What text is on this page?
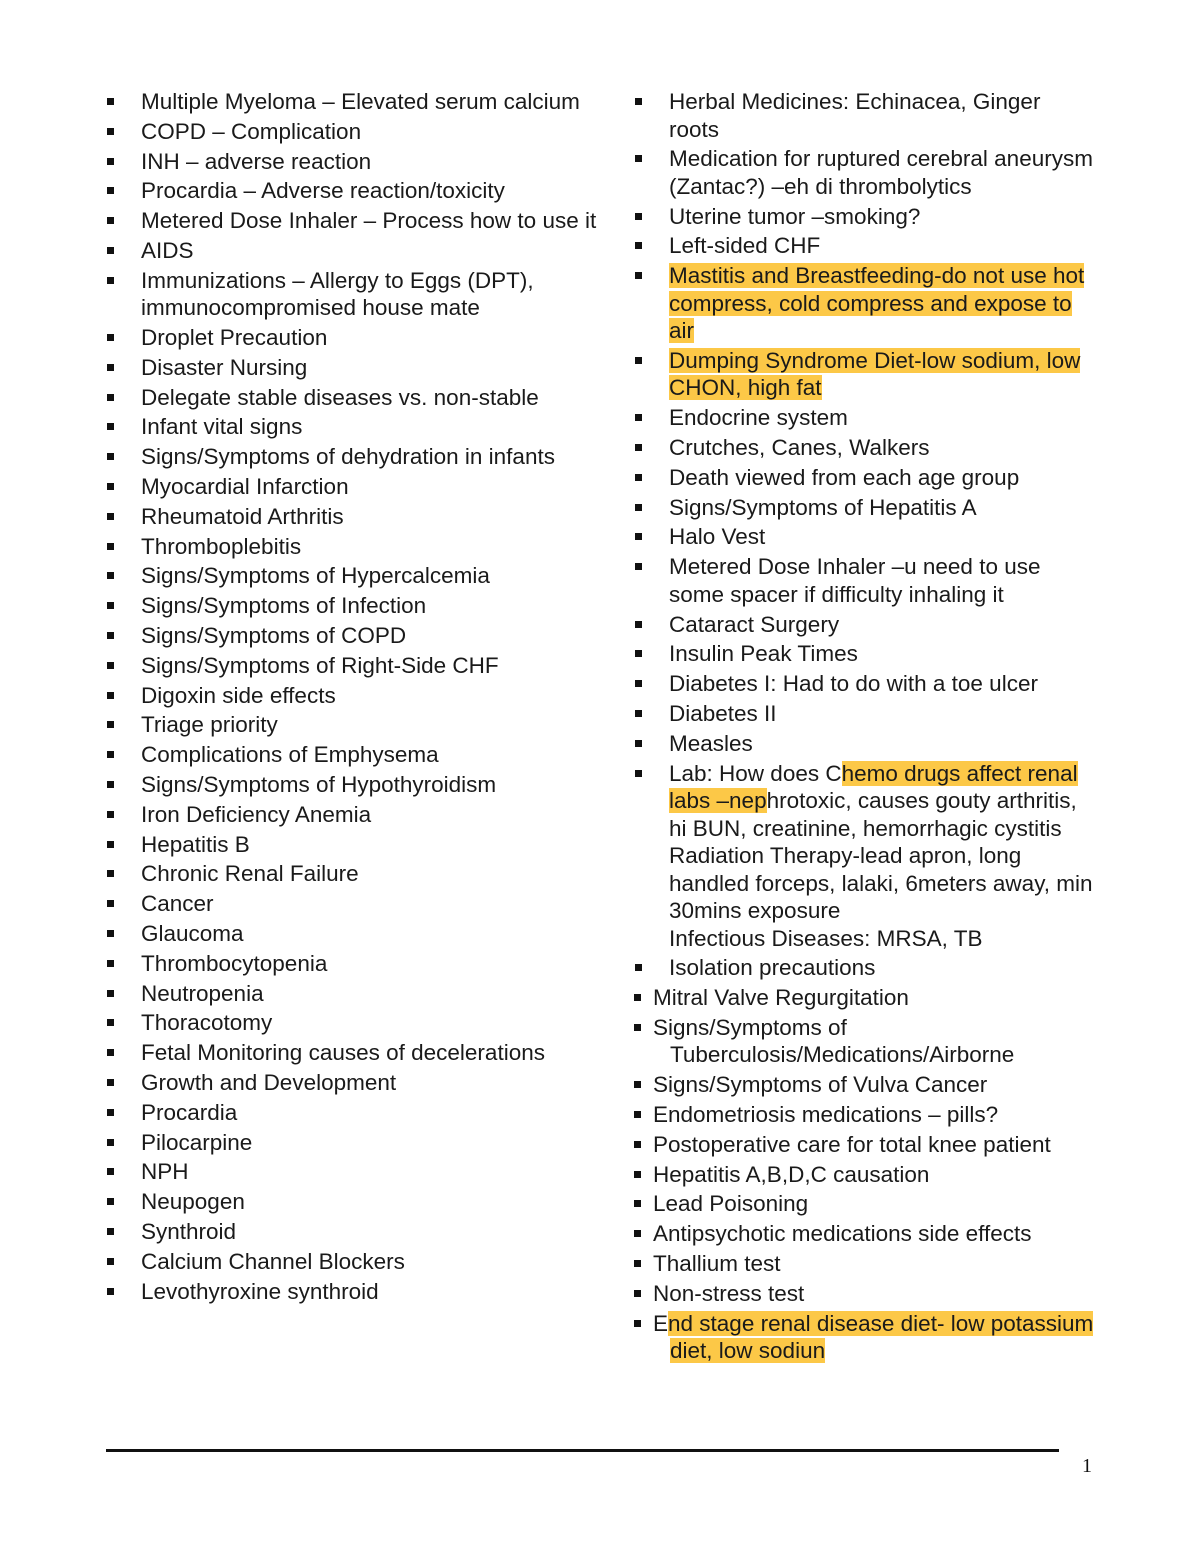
Multiple Myeloma – Elevated serum calcium
COPD – Complication
INH – adverse reaction
Procardia – Adverse reaction/toxicity
Metered Dose Inhaler – Process how to use it
AIDS
Immunizations – Allergy to Eggs (DPT), immunocompromised house mate
Droplet Precaution
Disaster Nursing
Delegate stable diseases vs. non-stable
Infant vital signs
Signs/Symptoms of dehydration in infants
Myocardial Infarction
Rheumatoid Arthritis
Thromboplebitis
Signs/Symptoms of Hypercalcemia
Signs/Symptoms of Infection
Signs/Symptoms of COPD
Signs/Symptoms of Right-Side CHF
Digoxin side effects
Triage priority
Complications of Emphysema
Signs/Symptoms of Hypothyroidism
Iron Deficiency Anemia
Hepatitis B
Chronic Renal Failure
Cancer
Glaucoma
Thrombocytopenia
Neutropenia
Thoracotomy
Fetal Monitoring causes of decelerations
Growth and Development
Procardia
Pilocarpine
NPH
Neupogen
Synthroid
Calcium Channel Blockers
Levothyroxine synthroid
Herbal Medicines: Echinacea, Ginger roots
Medication for ruptured cerebral aneurysm (Zantac?) –eh di thrombolytics
Uterine tumor –smoking?
Left-sided CHF
Mastitis and Breastfeeding-do not use hot compress, cold compress and expose to air
Dumping Syndrome Diet-low sodium, low CHON, high fat
Endocrine system
Crutches, Canes, Walkers
Death viewed from each age group
Signs/Symptoms of Hepatitis A
Halo Vest
Metered Dose Inhaler –u need to use some spacer if difficulty inhaling it
Cataract Surgery
Insulin Peak Times
Diabetes I: Had to do with a toe ulcer
Diabetes II
Measles
Lab: How does Chemo drugs affect renal labs –nephrotoxic, causes gouty arthritis, hi BUN, creatinine, hemorrhagic cystitis
Radiation Therapy-lead apron, long handled forceps, lalaki, 6meters away, min 30mins exposure
Infectious Diseases: MRSA, TB
Isolation precautions
Mitral Valve Regurgitation
Signs/Symptoms of Tuberculosis/Medications/Airborne
Signs/Symptoms of Vulva Cancer
Endometriosis medications – pills?
Postoperative care for total knee patient
Hepatitis A,B,D,C causation
Lead Poisoning
Antipsychotic medications side effects
Thallium test
Non-stress test
End stage renal disease diet- low potassium diet, low sodiun
1
